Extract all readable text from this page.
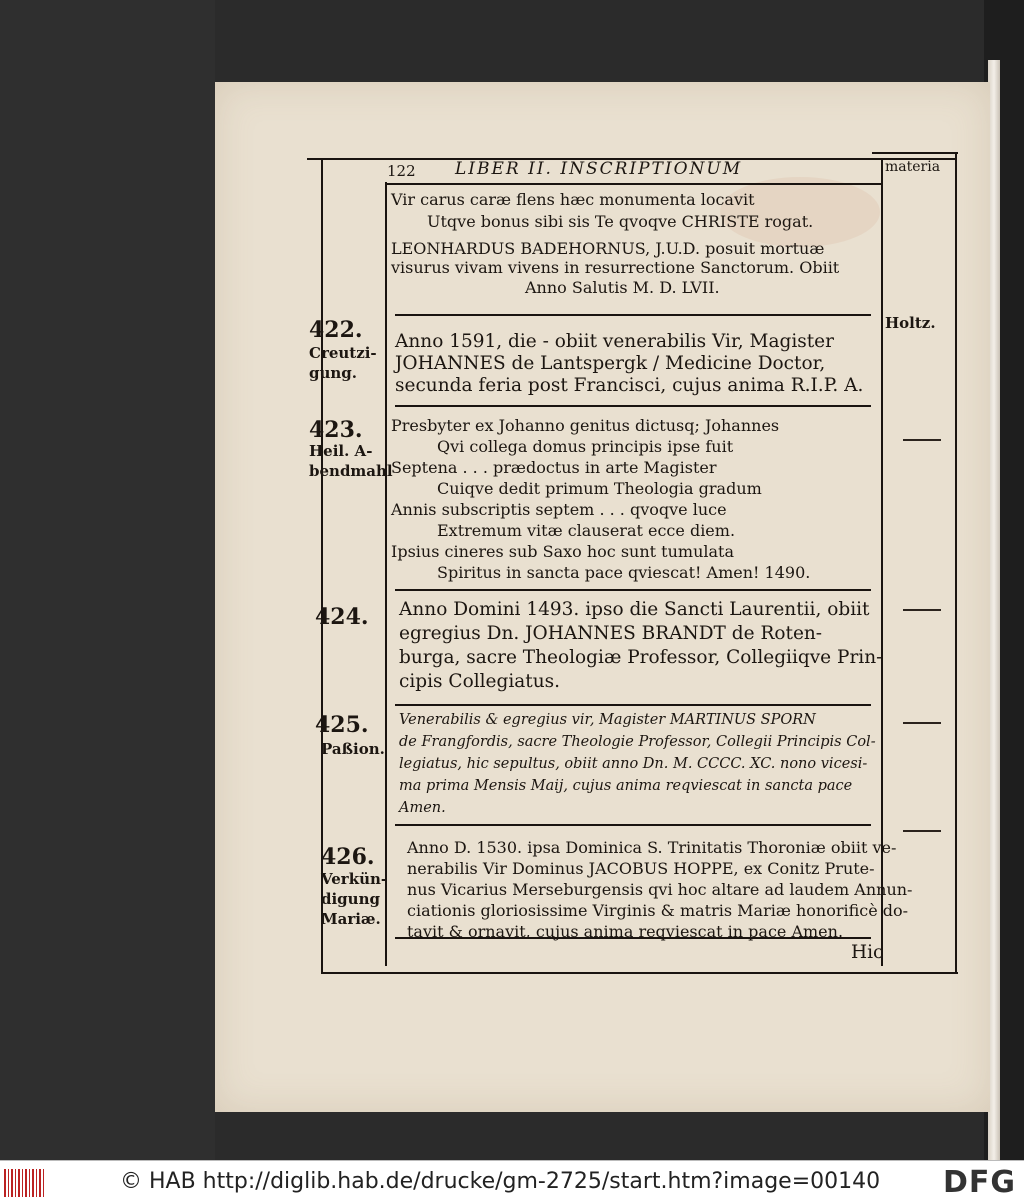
122 LIBER II. INSCRIPTIONUM	materia
Vir carus caræ flens hæc monumenta locavit
Utqve bonus sibi sis Te qvoqve CHRISTE rogat.
LEONHARDUS BADEHORNUS, J.U.D. posuit mortuæ
visurus vivam vivens in resurrectione Sanctorum. Obiit
Anno Salutis M. D. LVII.
422.
Creutzi-
gung.
Holtz.
Anno 1591, die - obiit venerabilis Vir, Magister
JOHANNES de Lantspergk / Medicine Doctor,
secunda feria post Francisci, cujus anima R.I.P. A.
423.
Heil. A-
bendmahl
Presbyter ex Johanno genitus dictusq; Johannes
Qvi collega domus principis ipse fuit
Septena . . . prædoctus in arte Magister
Cuiqve dedit primum Theologia gradum
Annis subscriptis septem . . . qvoqve luce
Extremum vitæ clauserat ecce diem.
Ipsius cineres sub Saxo hoc sunt tumulata
Spiritus in sancta pace qviescat! Amen! 1490.
424. Anno Domini 1493. ipso die Sancti Laurentii, obiit
egregius Dn. JOHANNES BRANDT de Roten-
burga, sacre Theologiæ Professor, Collegiiqve Prin-
cipis Collegiatus.
425.
Paßion.
Venerabilis & egregius vir, Magister MARTINUS SPORN
de Frangfordis, sacre Theologie Professor, Collegii Principis Col-
legiatus, hic sepultus, obiit anno Dn. M. CCCC. XC. nono vicesi-
ma prima Mensis Maij, cujus anima reqviescat in sancta pace
Amen.
426.
Verkün-
digung
Mariæ.
Anno D. 1530. ipsa Dominica S. Trinitatis Thoroniæ obiit ve-
nerabilis Vir Dominus JACOBUS HOPPE, ex Conitz Prute-
nus Vicarius Merseburgensis qvi hoc altare ad laudem Annun-
ciationis gloriosissime Virginis & matris Mariæ honorificè do-
tavit & ornavit, cujus anima reqviescat in pace Amen.
Hic
© HAB http://diglib.hab.de/drucke/gm-2725/start.htm?image=00140 DFG
